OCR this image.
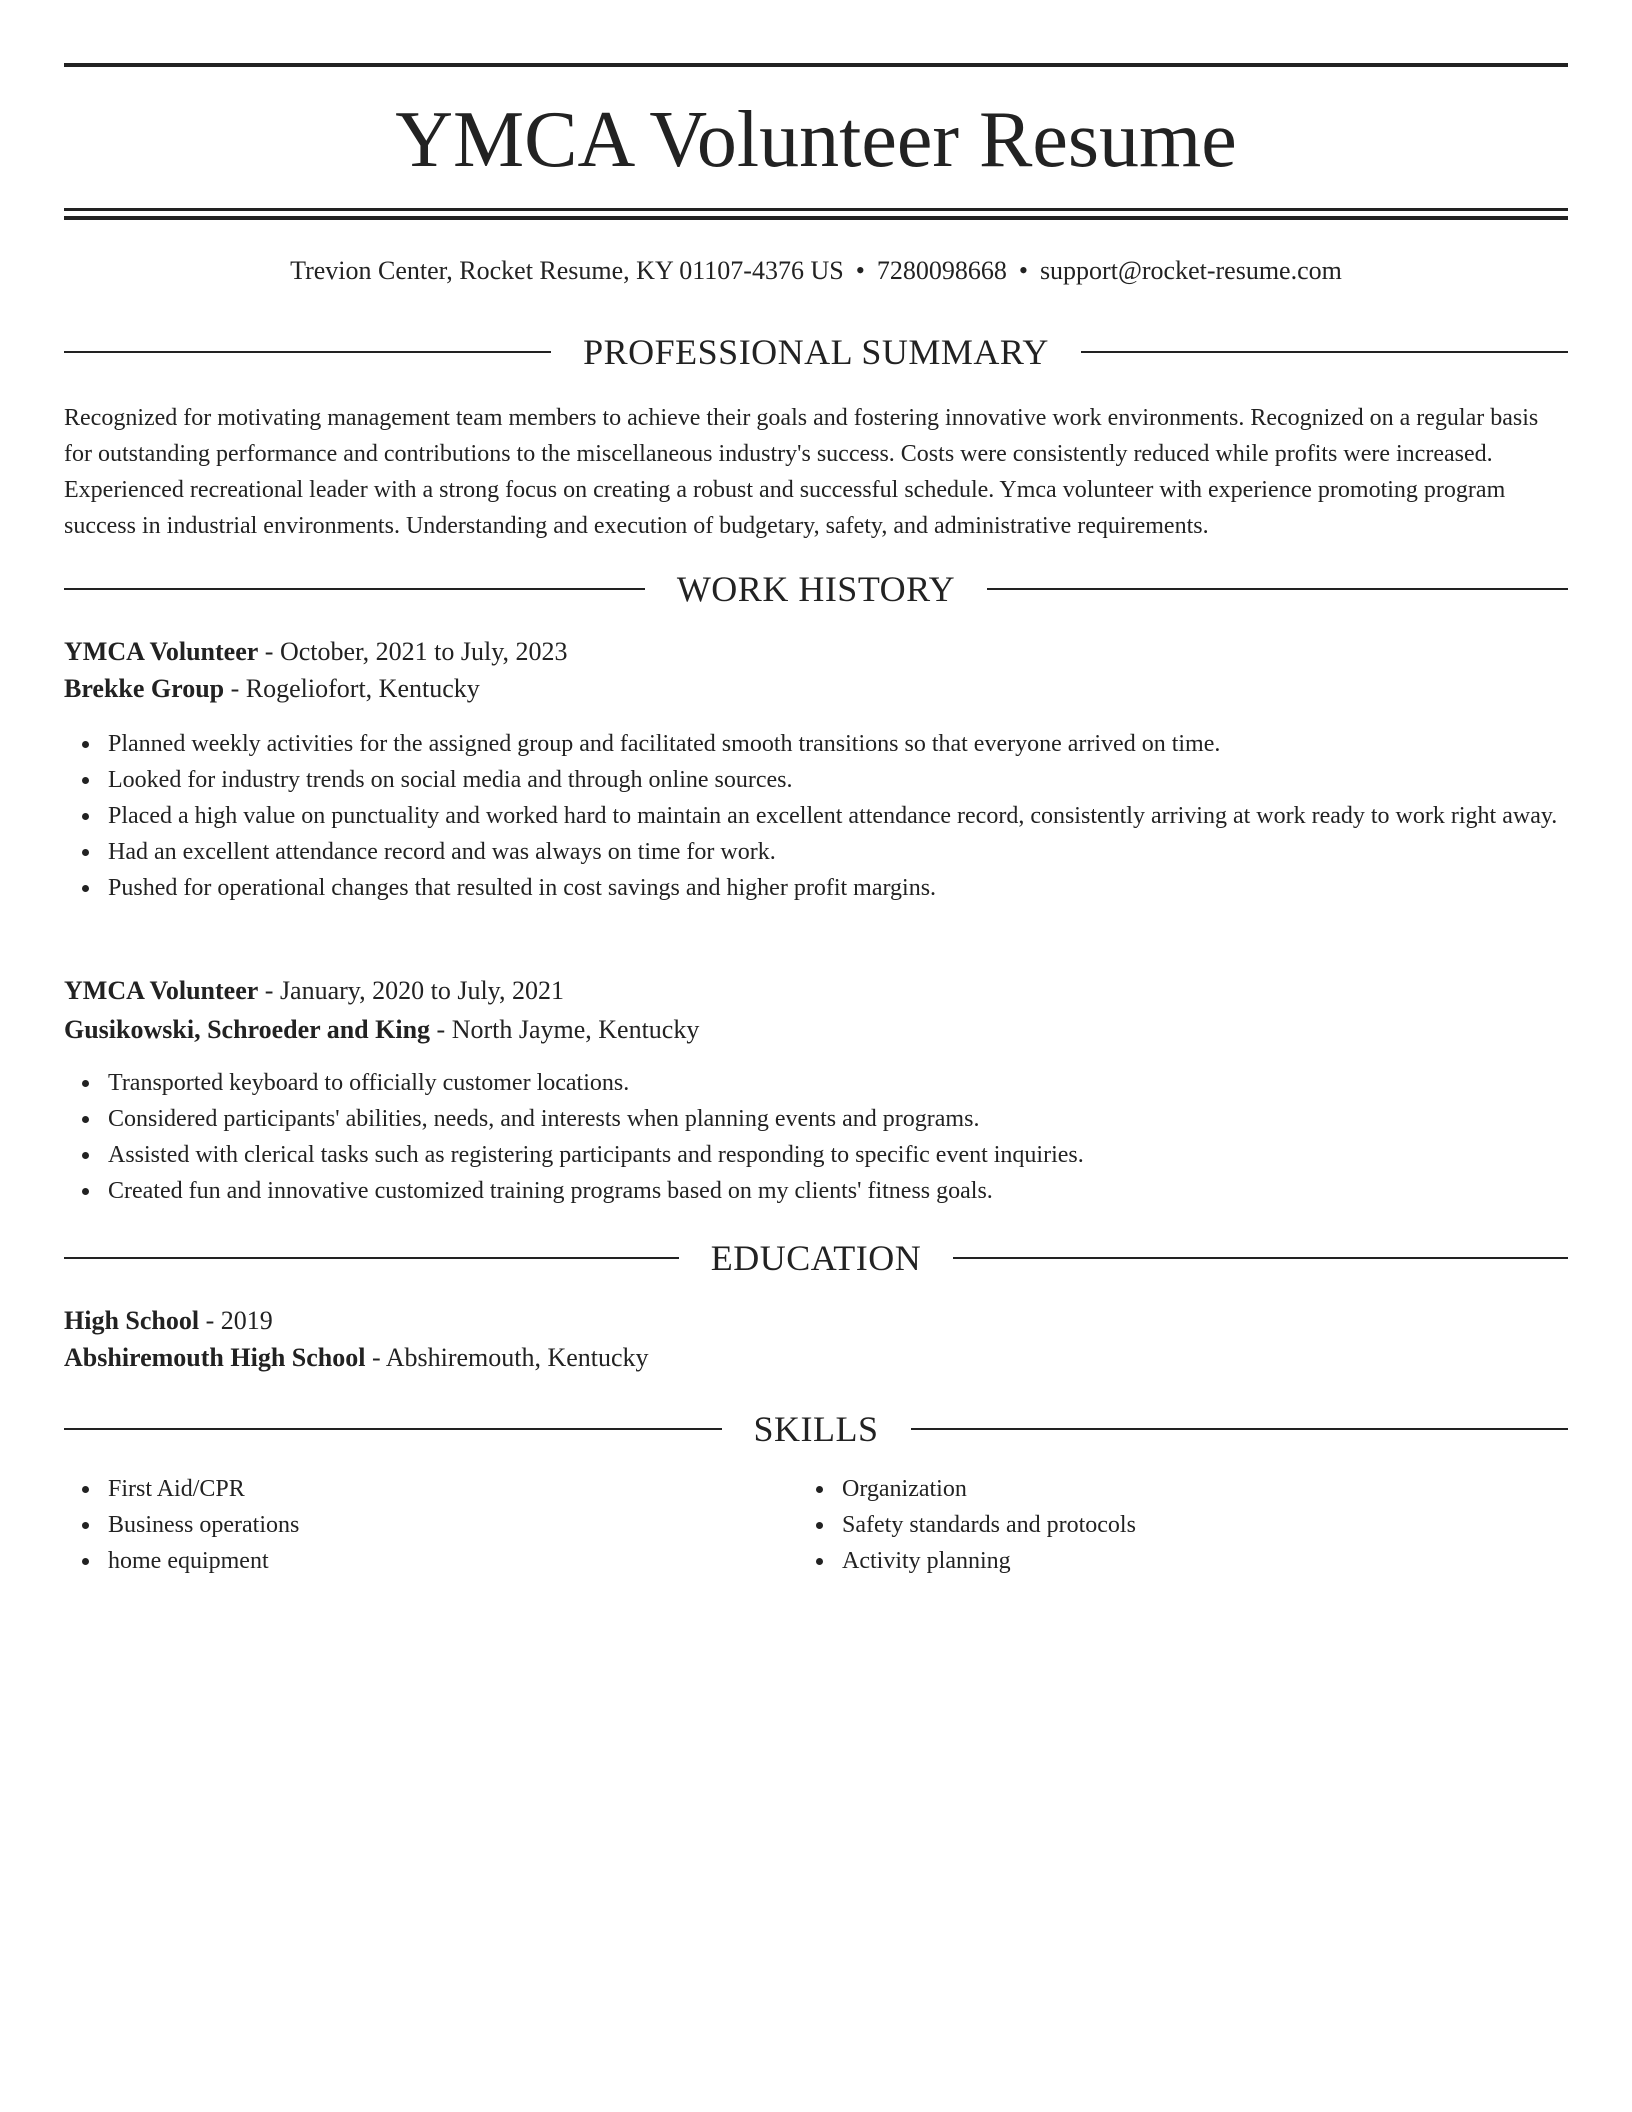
YMCA Volunteer Resume
Trevion Center, Rocket Resume, KY 01107-4376 US • 7280098668 • support@rocket-resume.com
PROFESSIONAL SUMMARY

Recognized for motivating management team members to achieve their goals and fostering innovative work environments. Recognized on a regular basis for outstanding performance and contributions to the miscellaneous industry's success. Costs were consistently reduced while profits were increased. Experienced recreational leader with a strong focus on creating a robust and successful schedule. Ymca volunteer with experience promoting program success in industrial environments. Understanding and execution of budgetary, safety, and administrative requirements.

WORK HISTORY
YMCA Volunteer - October, 2021 to July, 2023
Brekke Group - Rogeliofort, Kentucky
Planned weekly activities for the assigned group and facilitated smooth transitions so that everyone arrived on time.
Looked for industry trends on social media and through online sources.
Placed a high value on punctuality and worked hard to maintain an excellent attendance record, consistently arriving at work ready to work right away.
Had an excellent attendance record and was always on time for work.
Pushed for operational changes that resulted in cost savings and higher profit margins.
YMCA Volunteer - January, 2020 to July, 2021
Gusikowski, Schroeder and King - North Jayme, Kentucky
Transported keyboard to officially customer locations.
Considered participants' abilities, needs, and interests when planning events and programs.
Assisted with clerical tasks such as registering participants and responding to specific event inquiries.
Created fun and innovative customized training programs based on my clients' fitness goals.
EDUCATION
High School - 2019
Abshiremouth High School - Abshiremouth, Kentucky
SKILLS
First Aid/CPR
Business operations
home equipment
Organization
Safety standards and protocols
Activity planning
